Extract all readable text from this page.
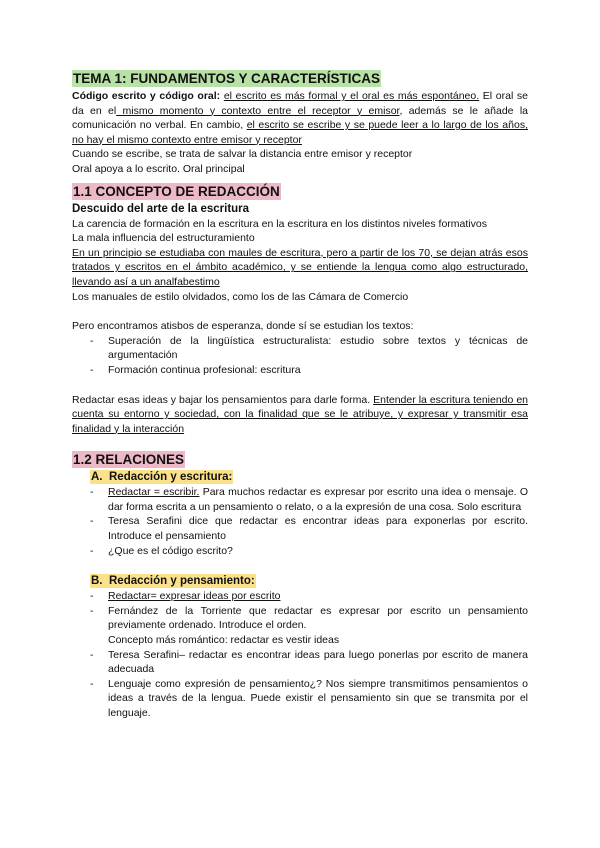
TEMA 1: FUNDAMENTOS Y CARACTERÍSTICAS

Código escrito y código oral: el escrito es más formal y el oral es más espontáneo. El oral se da en el mismo momento y contexto entre el receptor y emisor, además se le añade la comunicación no verbal. En cambio, el escrito se escribe y se puede leer a lo largo de los años, no hay el mismo contexto entre emisor y receptor

Cuando se escribe, se trata de salvar la distancia entre emisor y receptor

Oral apoya a lo escrito. Oral principal

1.1 CONCEPTO DE REDACCIÓN
Descuido del arte de la escritura

La carencia de formación en la escritura en la escritura en los distintos niveles formativos

La mala influencia del estructuramiento

En un principio se estudiaba con maules de escritura, pero a partir de los 70, se dejan atrás esos tratados y escritos en el ámbito académico, y se entiende la lengua como algo estructurado, llevando así a un analfabestimo

Los manuales de estilo olvidados, como los de las Cámara de Comercio

Pero encontramos atisbos de esperanza, donde sí se estudian los textos:

- Superación de la lingüística estructuralista: estudio sobre textos y técnicas de argumentación
- Formación continua profesional: escritura

Redactar esas ideas y bajar los pensamientos para darle forma. Entender la escritura teniendo en cuenta su entorno y sociedad, con la finalidad que se le atribuye, y expresar y transmitir esa finalidad y la interacción

1.2 RELACIONES
A. Redacción y escritura:
- Redactar = escribir. Para muchos redactar es expresar por escrito una idea o mensaje. O dar forma escrita a un pensamiento o relato, o a la expresión de una cosa. Solo escritura
- Teresa Serafini dice que redactar es encontrar ideas para exponerlas por escrito. Introduce el pensamiento
- ¿Que es el código escrito?
B. Redacción y pensamiento:
- Redactar= expresar ideas por escrito
- Fernández de la Torriente que redactar es expresar por escrito un pensamiento previamente ordenado. Introduce el orden.
Concepto más romántico: redactar es vestir ideas
- Teresa Serafini– redactar es encontrar ideas para luego ponerlas por escrito de manera adecuada
- Lenguaje como expresión de pensamiento¿? Nos siempre transmitimos pensamientos o ideas a través de la lengua. Puede existir el pensamiento sin que se transmita por el lenguaje.
